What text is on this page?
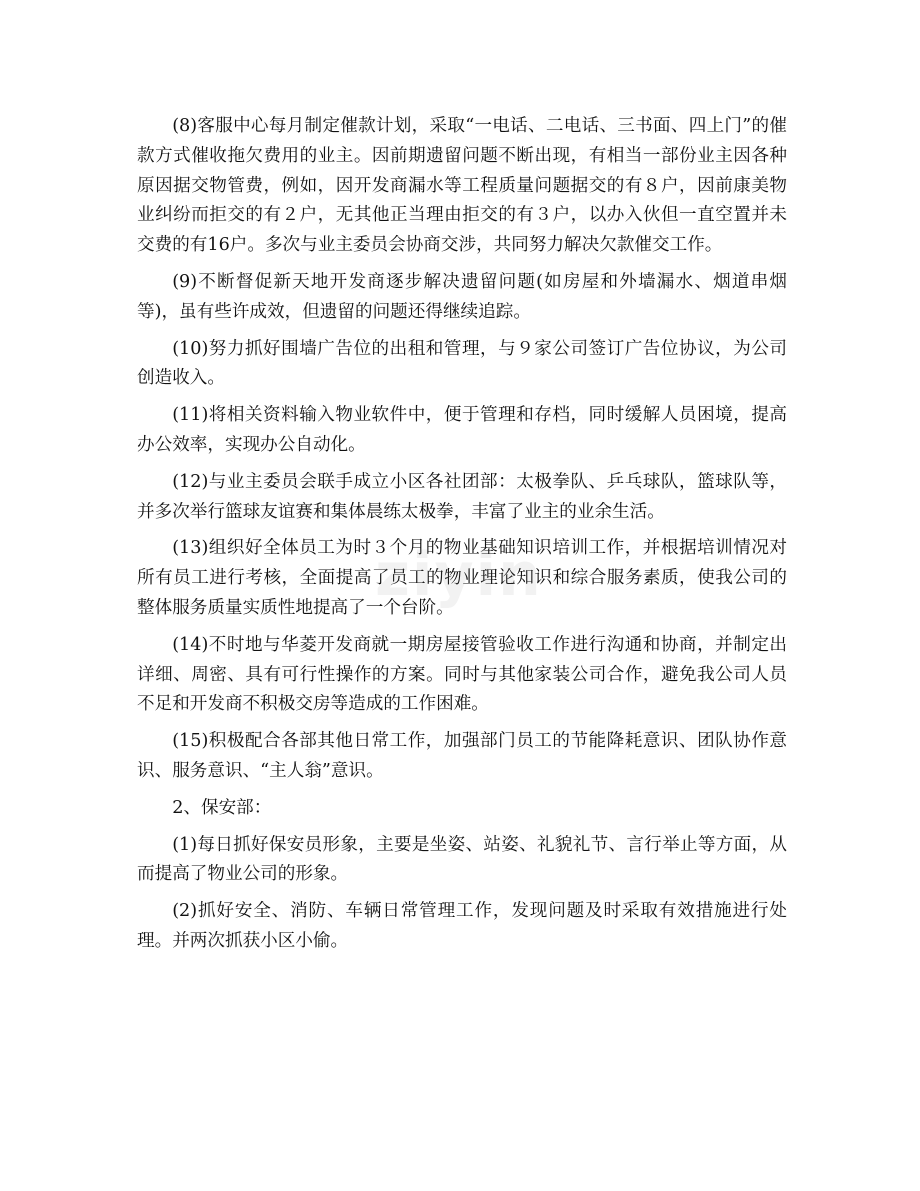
(8)客服中心每月制定催款计划，采取“一电话、二电话、三书面、四上门”的催款方式催收拖欠费用的业主。因前期遗留问题不断出现，有相当一部份业主因各种原因据交物管费，例如，因开发商漏水等工程质量问题据交的有８户，因前康美物业纠纷而拒交的有２户，无其他正当理由拒交的有３户，以办入伙但一直空置并未交费的有16户。多次与业主委员会协商交涉，共同努力解决欠款催交工作。

(9)不断督促新天地开发商逐步解决遗留问题(如房屋和外墙漏水、烟道串烟等)，虽有些许成效，但遗留的问题还得继续追踪。

(10)努力抓好围墙广告位的出租和管理，与９家公司签订广告位协议，为公司创造收入。

(11)将相关资料输入物业软件中，便于管理和存档，同时缓解人员困境，提高办公效率，实现办公自动化。

(12)与业主委员会联手成立小区各社团部：太极拳队、乒乓球队，篮球队等，并多次举行篮球友谊赛和集体晨练太极拳，丰富了业主的业余生活。

(13)组织好全体员工为时３个月的物业基础知识培训工作，并根据培训情况对所有员工进行考核，全面提高了员工的物业理论知识和综合服务素质，使我公司的整体服务质量实质性地提高了一个台阶。

(14)不时地与华菱开发商就一期房屋接管验收工作进行沟通和协商，并制定出详细、周密、具有可行性操作的方案。同时与其他家装公司合作，避免我公司人员不足和开发商不积极交房等造成的工作困难。

(15)积极配合各部其他日常工作，加强部门员工的节能降耗意识、团队协作意识、服务意识、“主人翁”意识。

2、保安部：

(1)每日抓好保安员形象，主要是坐姿、站姿、礼貌礼节、言行举止等方面，从而提高了物业公司的形象。

(2)抓好安全、消防、车辆日常管理工作，发现问题及时采取有效措施进行处理。并两次抓获小区小偷。

ziyin
